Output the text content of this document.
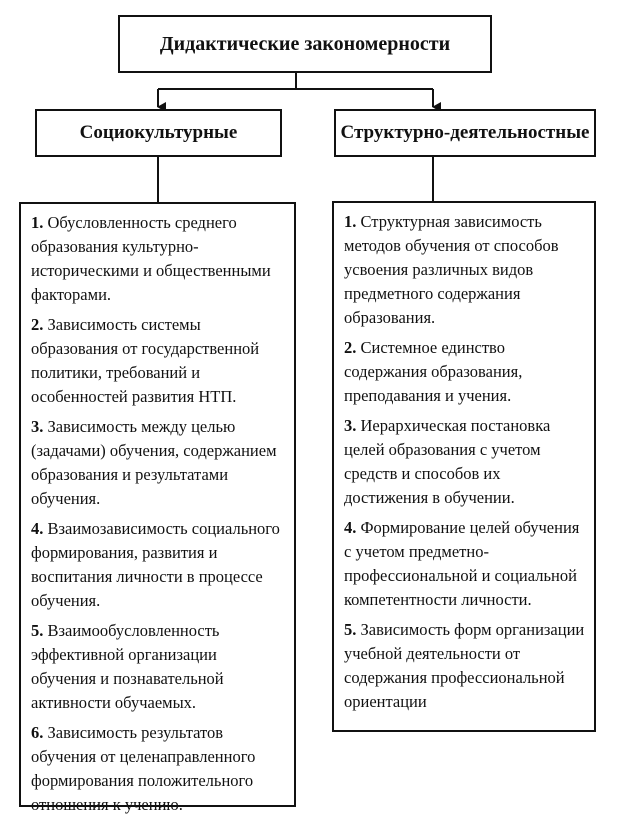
Дидактические закономерности
Социокультурные	Структурно-деятельностные
1. Обусловленность среднего образования культурно-историческими и общественными факторами.
2. Зависимость системы образования от государственной политики, требований и особенностей развития НТП.
3. Зависимость между целью (задачами) обучения, содержанием образования и результатами обучения.
4. Взаимозависимость социального формирования, развития и воспитания личности в процессе обучения.
5. Взаимообусловленность эффективной организации обучения и познавательной активности обучаемых.
6. Зависимость результатов обучения от целенаправленного формирования положительного отношения к учению.
1. Структурная зависимость методов обучения от способов усвоения различных видов предметного содержания образования.
2. Системное единство содержания образования, преподавания и учения.
3. Иерархическая постановка целей образования с учетом средств и способов их достижения в обучении.
4. Формирование целей обучения с учетом предметно-профессиональной и социальной компетентности личности.
5. Зависимость форм организации учебной деятельности от содержания профессиональной ориентации
